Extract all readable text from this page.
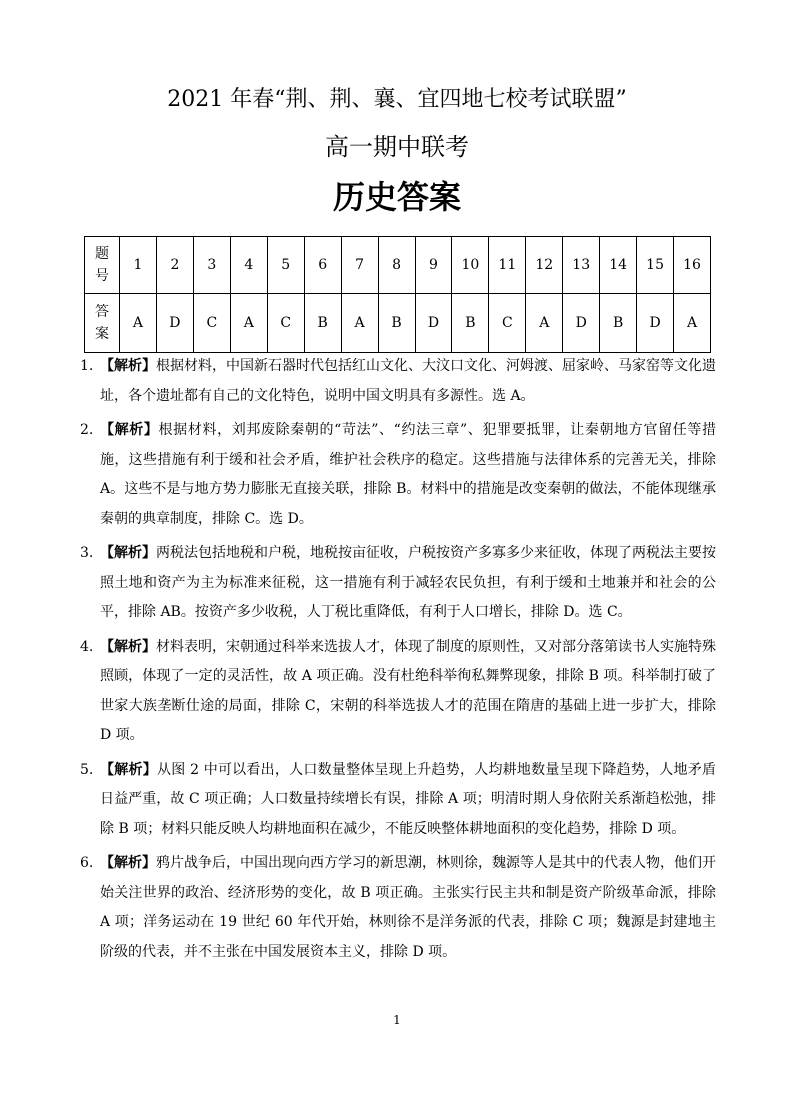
2021 年春“荆、荆、襄、宜四地七校考试联盟”
高一期中联考
历史答案
题
号	1	2	3	4	5	6	7	8	9	10	11	12	13	14	15	16
答
案	A	D	C	A	C	B	A	B	D	B	C	A	D	B	D	A
1. 【解析】根据材料，中国新石器时代包括红山文化、大汶口文化、河姆渡、屈家岭、马家窑等文化遗址，各个遗址都有自己的文化特色，说明中国文明具有多源性。选 A。
2. 【解析】根据材料，刘邦废除秦朝的“苛法”、“约法三章”、犯罪要抵罪，让秦朝地方官留任等措施，这些措施有利于缓和社会矛盾，维护社会秩序的稳定。这些措施与法律体系的完善无关，排除 A。这些不是与地方势力膨胀无直接关联，排除 B。材料中的措施是改变秦朝的做法，不能体现继承秦朝的典章制度，排除 C。选 D。
3. 【解析】两税法包括地税和户税，地税按亩征收，户税按资产多寡多少来征收，体现了两税法主要按照土地和资产为主为标准来征税，这一措施有利于减轻农民负担，有利于缓和土地兼并和社会的公平，排除 AB。按资产多少收税，人丁税比重降低，有利于人口增长，排除 D。选 C。
4. 【解析】材料表明，宋朝通过科举来选拔人才，体现了制度的原则性，又对部分落第读书人实施特殊照顾，体现了一定的灵活性，故 A 项正确。没有杜绝科举徇私舞弊现象，排除 B 项。科举制打破了世家大族垄断仕途的局面，排除 C，宋朝的科举选拔人才的范围在隋唐的基础上进一步扩大，排除 D 项。
5. 【解析】从图 2 中可以看出，人口数量整体呈现上升趋势，人均耕地数量呈现下降趋势，人地矛盾日益严重，故 C 项正确；人口数量持续增长有误，排除 A 项；明清时期人身依附关系渐趋松弛，排除 B 项；材料只能反映人均耕地面积在减少，不能反映整体耕地面积的变化趋势，排除 D 项。
6. 【解析】鸦片战争后，中国出现向西方学习的新思潮，林则徐，魏源等人是其中的代表人物，他们开始关注世界的政治、经济形势的变化，故 B 项正确。主张实行民主共和制是资产阶级革命派，排除 A 项；洋务运动在 19 世纪 60 年代开始，林则徐不是洋务派的代表，排除 C 项；魏源是封建地主阶级的代表，并不主张在中国发展资本主义，排除 D 项。
1
